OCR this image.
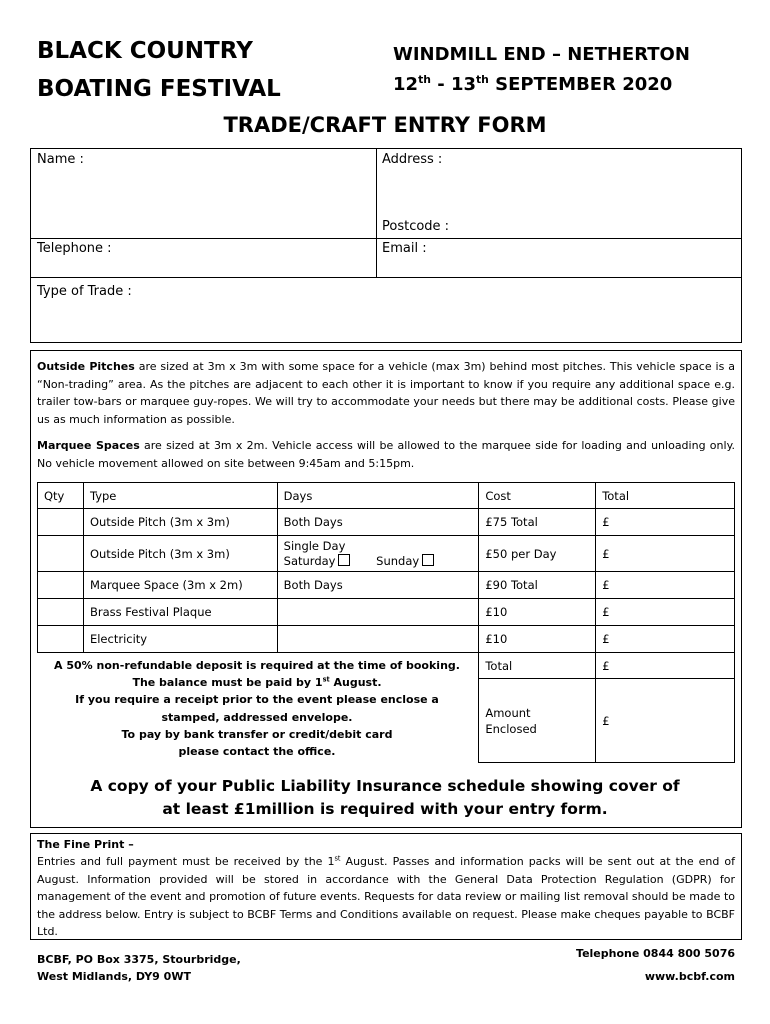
BLACK COUNTRY
BOATING FESTIVAL
WINDMILL END – NETHERTON
12th - 13th SEPTEMBER 2020
TRADE/CRAFT ENTRY FORM
Name :	Address :
Postcode :
Telephone :	Email :
Type of Trade :
Outside Pitches are sized at 3m x 3m with some space for a vehicle (max 3m) behind most pitches. This vehicle space is a “Non-trading” area. As the pitches are adjacent to each other it is important to know if you require any additional space e.g. trailer tow-bars or marquee guy-ropes. We will try to accommodate your needs but there may be additional costs. Please give us as much information as possible.
Marquee Spaces are sized at 3m x 2m. Vehicle access will be allowed to the marquee side for loading and unloading only. No vehicle movement allowed on site between 9:45am and 5:15pm.
Qty	Type	Days	Cost	Total
	Outside Pitch (3m x 3m)	Both Days	£75 Total	£
	Outside Pitch (3m x 3m)	Single Day
Saturday Sunday	£50 per Day	£
	Marquee Space (3m x 2m)	Both Days	£90 Total	£
	Brass Festival Plaque		£10	£
	Electricity		£10	£
			Total	£

			Amount
Enclosed	£
A 50% non-refundable deposit is required at the time of booking.
The balance must be paid by 1st August.
If you require a receipt prior to the event please enclose a
stamped, addressed envelope.
To pay by bank transfer or credit/debit card
please contact the office.
A copy of your Public Liability Insurance schedule showing cover of
at least £1million is required with your entry form.
The Fine Print –
Entries and full payment must be received by the 1st August. Passes and information packs will be sent out at the end of August. Information provided will be stored in accordance with the General Data Protection Regulation (GDPR) for management of the event and promotion of future events. Requests for data review or mailing list removal should be made to the address below. Entry is subject to BCBF Terms and Conditions available on request. Please make cheques payable to BCBF Ltd.
BCBF, PO Box 3375, Stourbridge,
West Midlands, DY9 0WT
Telephone 0844 800 5076
www.bcbf.com
